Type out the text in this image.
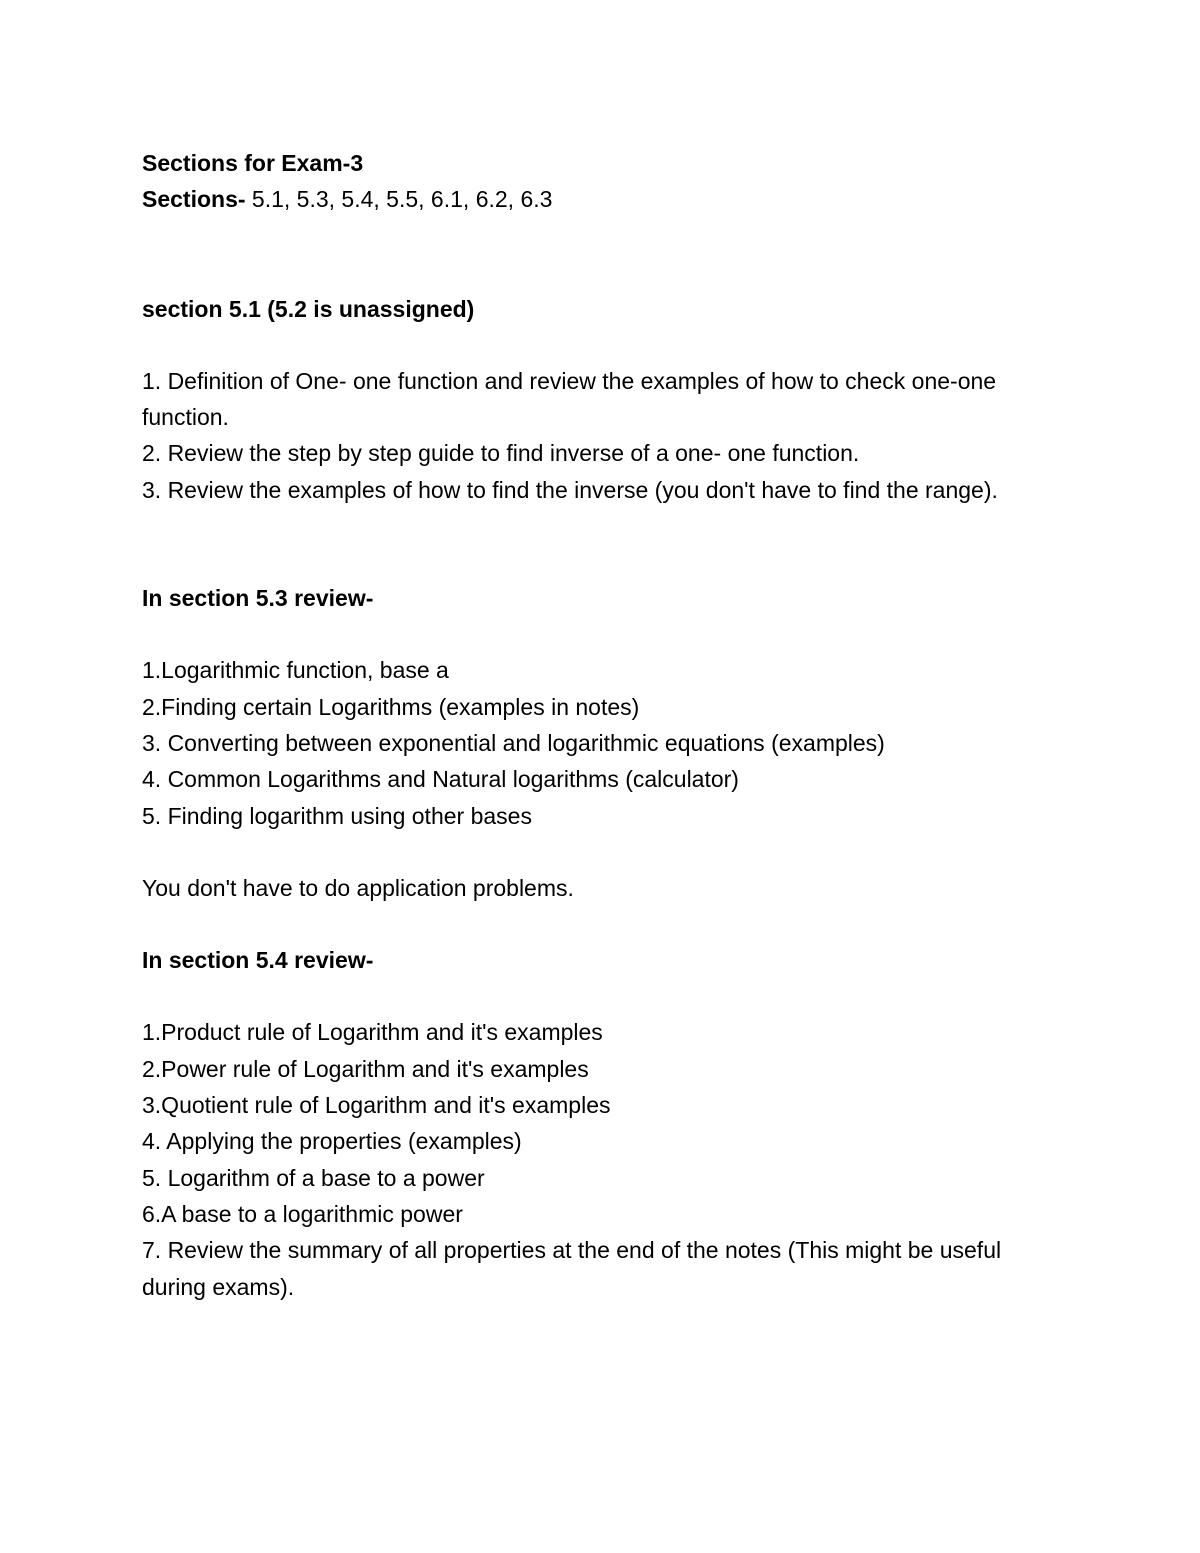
Sections for Exam-3

Sections- 5.1, 5.3, 5.4, 5.5, 6.1, 6.2, 6.3

section 5.1 (5.2 is unassigned)

1. Definition of One- one function and review the examples of how to check one-one function.

2. Review the step by step guide to find inverse of a one- one function.

3. Review the examples of how to find the inverse (you don't have to find the range).

In section 5.3 review-

1.Logarithmic function, base a

2.Finding certain Logarithms (examples in notes)

3. Converting between exponential and logarithmic equations (examples)

4. Common Logarithms and Natural logarithms (calculator)

5. Finding logarithm using other bases

You don't have to do application problems.

In section 5.4 review-

1.Product rule of Logarithm and it's examples

2.Power rule of Logarithm and it's examples

3.Quotient rule of Logarithm and it's examples

4. Applying the properties (examples)

5. Logarithm of a base to a power

6.A base to a logarithmic power

7. Review the summary of all properties at the end of the notes (This might be useful during exams).
